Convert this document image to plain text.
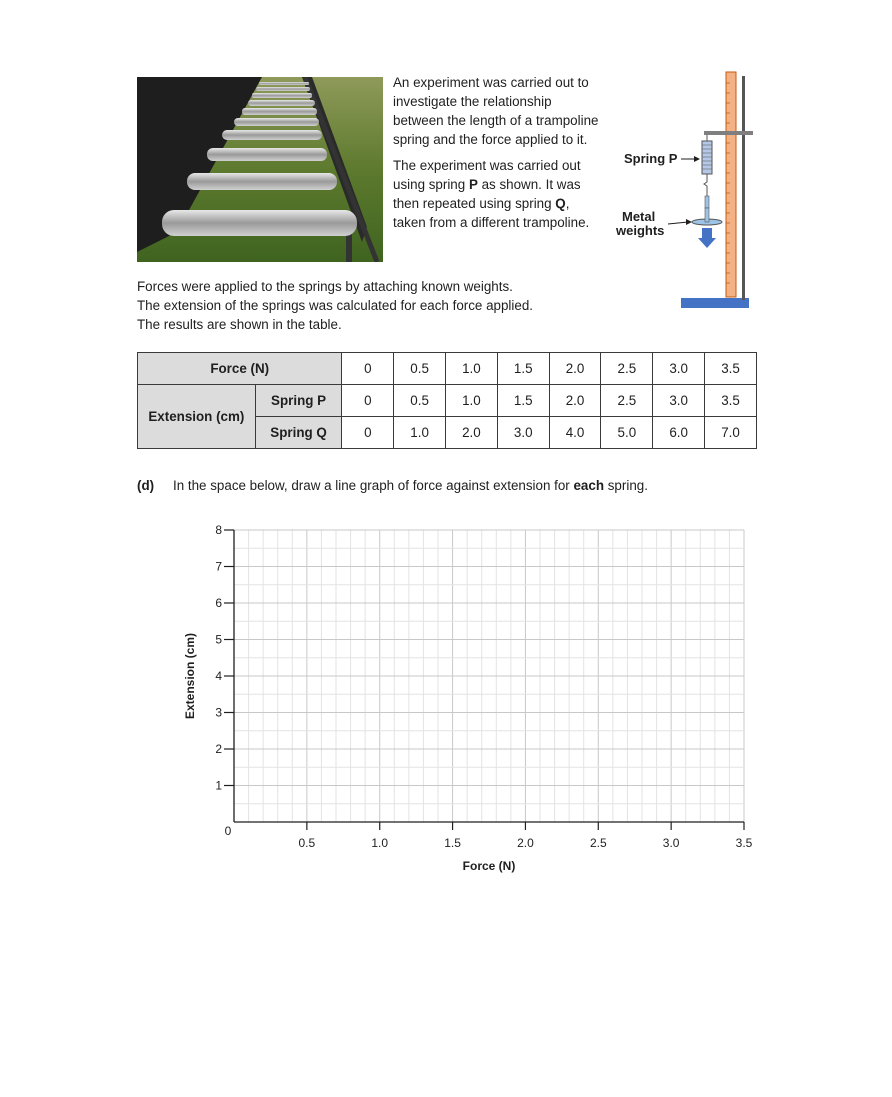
An experiment was carried out to investigate the relationship between the length of a trampoline spring and the force applied to it.

The experiment was carried out using spring P as shown. It was then repeated using spring Q, taken from a different trampoline.

Spring P
Metal
weights
Forces were applied to the springs by attaching known weights.
The extension of the springs was calculated for each force applied.
The results are shown in the table.
Force (N)		0	0.5	1.0	1.5	2.0	2.5	3.0	3.5
Extension (cm)	Spring P	0	0.5	1.0	1.5	2.0	2.5	3.0	3.5
	Spring Q	0	1.0	2.0	3.0	4.0	5.0	6.0	7.0
(d) In the space below, draw a line graph of force against extension for each spring.
1
2
3
4
5
6
7
8
0.5	1.0	1.5	2.0	2.5	3.0	3.5
0
Force (N)
Extension (cm)
